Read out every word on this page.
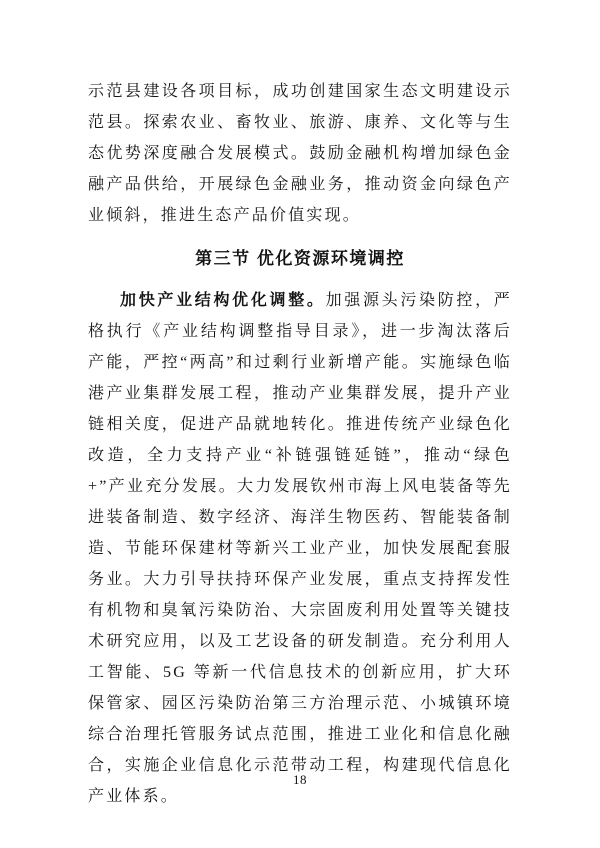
示范县建设各项目标，成功创建国家生态文明建设示范县。探索农业、畜牧业、旅游、康养、文化等与生态优势深度融合发展模式。鼓励金融机构增加绿色金融产品供给，开展绿色金融业务，推动资金向绿色产业倾斜，推进生态产品价值实现。

第三节 优化资源环境调控

加快产业结构优化调整。加强源头污染防控，严格执行《产业结构调整指导目录》，进一步淘汰落后产能，严控“两高”和过剩行业新增产能。实施绿色临港产业集群发展工程，推动产业集群发展，提升产业链相关度，促进产品就地转化。推进传统产业绿色化改造，全力支持产业“补链强链延链”，推动“绿色+”产业充分发展。大力发展钦州市海上风电装备等先进装备制造、数字经济、海洋生物医药、智能装备制造、节能环保建材等新兴工业产业，加快发展配套服务业。大力引导扶持环保产业发展，重点支持挥发性有机物和臭氧污染防治、大宗固废利用处置等关键技术研究应用，以及工艺设备的研发制造。充分利用人工智能、5G 等新一代信息技术的创新应用，扩大环保管家、园区污染防治第三方治理示范、小城镇环境综合治理托管服务试点范围，推进工业化和信息化融合，实施企业信息化示范带动工程，构建现代信息化产业体系。

18
